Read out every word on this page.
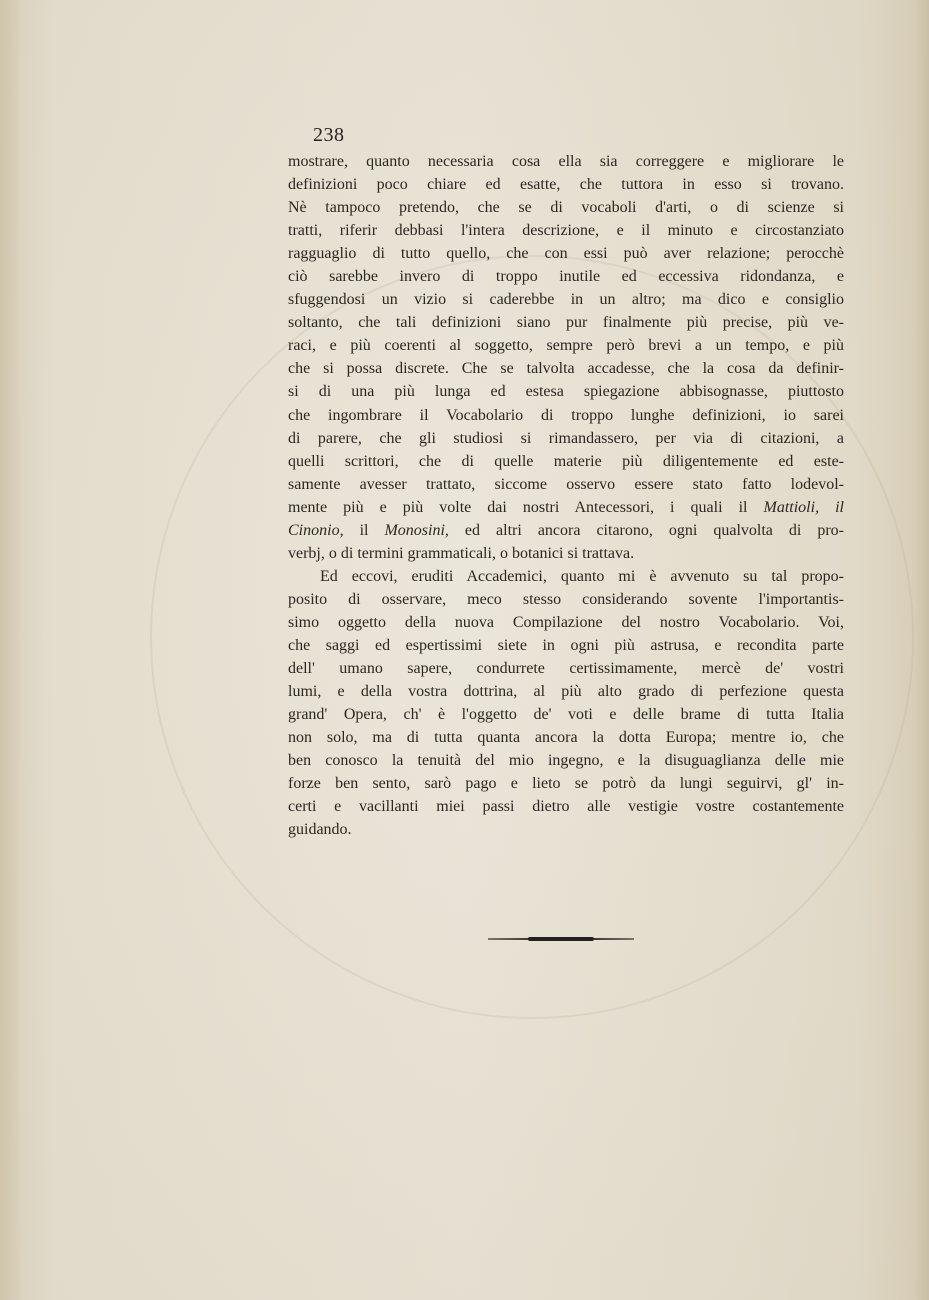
238
mostrare, quanto necessaria cosa ella sia correggere e migliorare le
definizioni poco chiare ed esatte, che tuttora in esso si trovano.
Nè tampoco pretendo, che se di vocaboli d'arti, o di scienze si
tratti, riferir debbasi l'intera descrizione, e il minuto e circostanziato
ragguaglio di tutto quello, che con essi può aver relazione; perocchè
ciò sarebbe invero di troppo inutile ed eccessiva ridondanza, e
sfuggendosi un vizio si caderebbe in un altro; ma dico e consiglio
soltanto, che tali definizioni siano pur finalmente più precise, più ve-
raci, e più coerenti al soggetto, sempre però brevi a un tempo, e più
che si possa discrete. Che se talvolta accadesse, che la cosa da definir-
si di una più lunga ed estesa spiegazione abbisognasse, piuttosto
che ingombrare il Vocabolario di troppo lunghe definizioni, io sarei
di parere, che gli studiosi si rimandassero, per via di citazioni, a
quelli scrittori, che di quelle materie più diligentemente ed este-
samente avesser trattato, siccome osservo essere stato fatto lodevol-
mente più e più volte dai nostri Antecessori, i quali il Mattioli, il
Cinonio, il Monosini, ed altri ancora citarono, ogni qualvolta di pro-
verbj, o di termini grammaticali, o botanici si trattava.
Ed eccovi, eruditi Accademici, quanto mi è avvenuto su tal propo-
posito di osservare, meco stesso considerando sovente l'importantis-
simo oggetto della nuova Compilazione del nostro Vocabolario. Voi,
che saggi ed espertissimi siete in ogni più astrusa, e recondita parte
dell' umano sapere, condurrete certissimamente, mercè de' vostri
lumi, e della vostra dottrina, al più alto grado di perfezione questa
grand' Opera, ch' è l'oggetto de' voti e delle brame di tutta Italia
non solo, ma di tutta quanta ancora la dotta Europa; mentre io, che
ben conosco la tenuità del mio ingegno, e la disuguaglianza delle mie
forze ben sento, sarò pago e lieto se potrò da lungi seguirvi, gl' in-
certi e vacillanti miei passi dietro alle vestigie vostre costantemente
guidando.
